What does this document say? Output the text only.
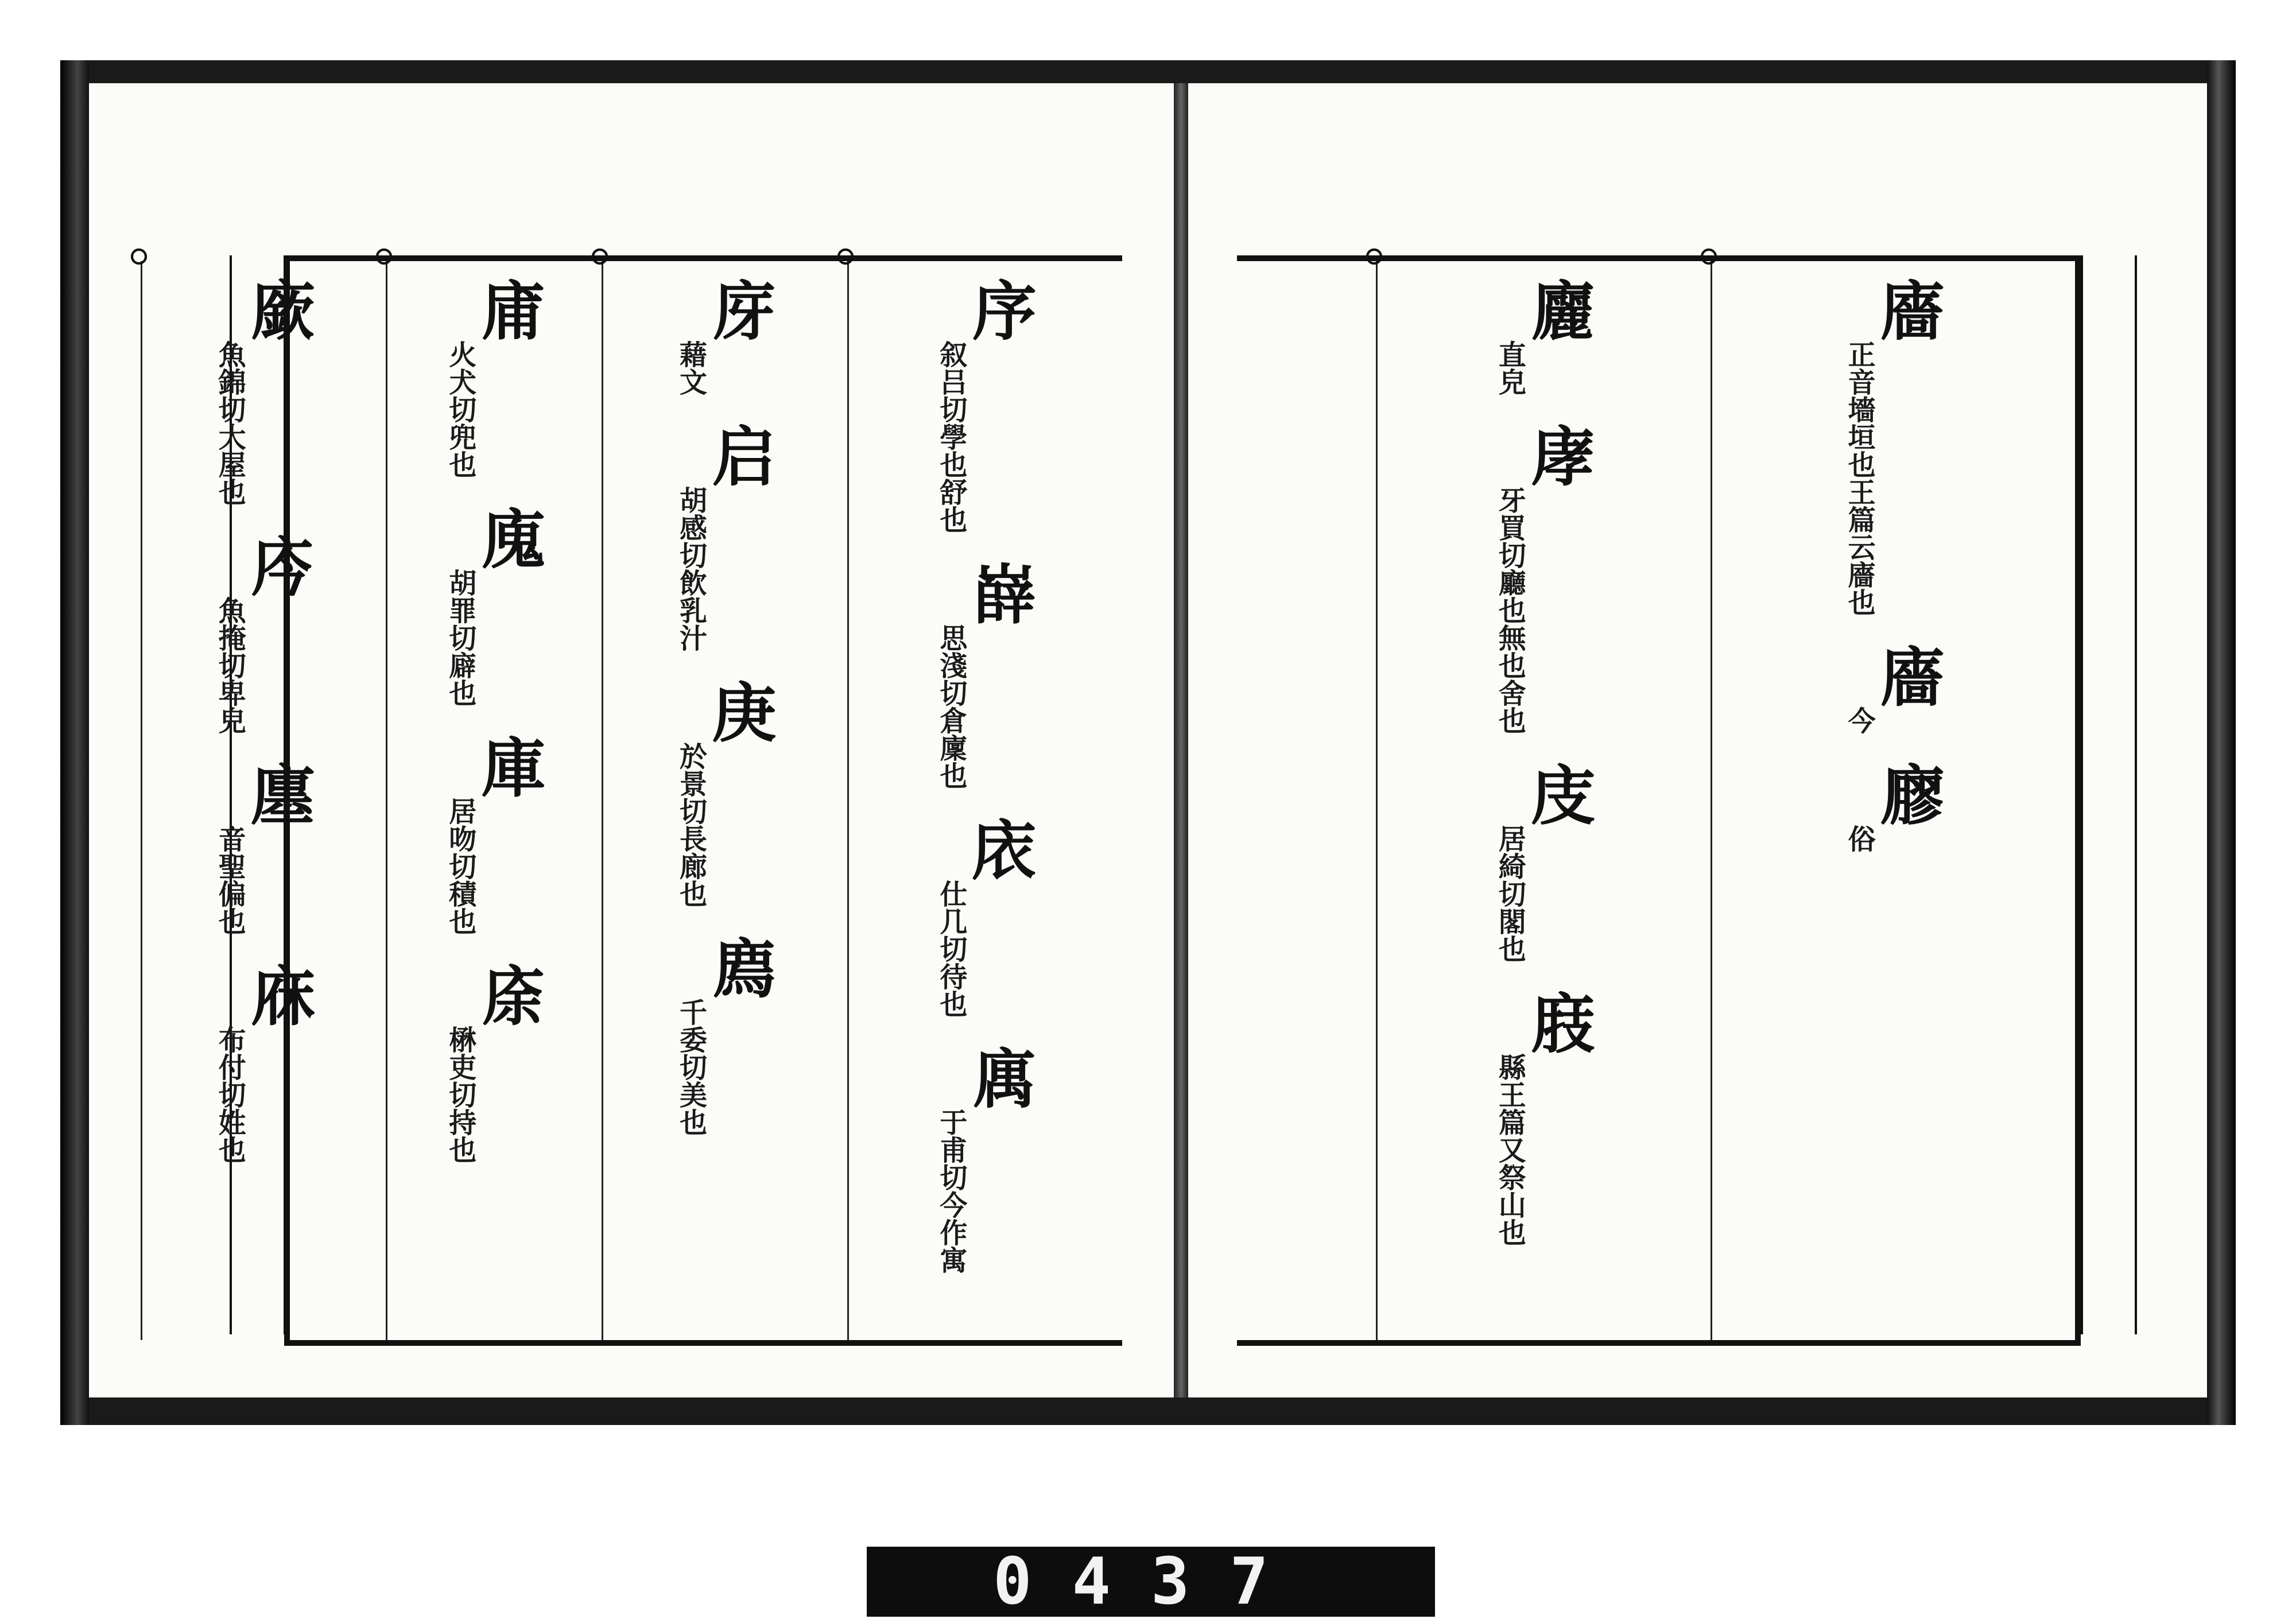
叙吕切學也舒也
序
思淺切倉廩也
嶭
仕几切待也
庡
于甫切今作寓
庽
藉文
庌
胡感切飲乳汁
启
於景切長廊也
庚
千委切美也
廌
火犬切兜也
庯
胡罪切廦也
廆
居吻切積也
庫
楙吏切持也
庩
魚錦切大屋也
廞
魚掩切卑皃
庈
音聖偏也
廛
布付切姓也
庥
正音墻垣也王篇云廧也
廧
今
廧
俗
廫
直皃
廲
牙買切廳也無也舍也
庨
居綺切閣也
庋
縣王篇又祭山也
庪
0437
